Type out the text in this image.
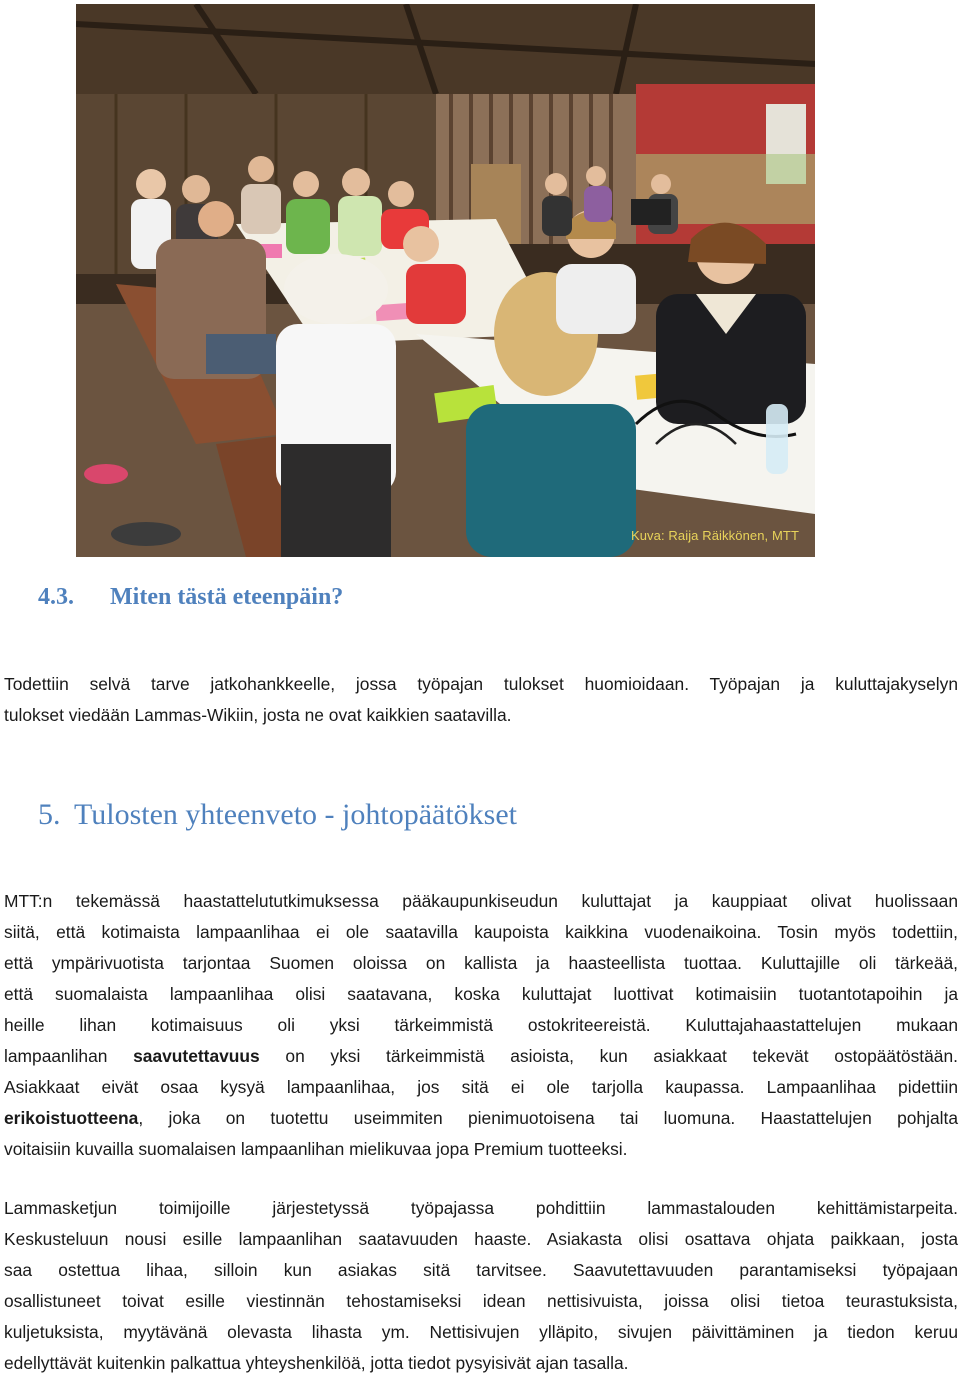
Kuva: Raija Räikkönen, MTT
4.3. Miten tästä eteenpäin?
Todettiin selvä tarve jatkohankkeelle, jossa työpajan tulokset huomioidaan. Työpajan ja kuluttajakyselyn
tulokset viedään Lammas-Wikiin, josta ne ovat kaikkien saatavilla.
5. Tulosten yhteenveto - johtopäätökset
MTT:n tekemässä haastattelututkimuksessa pääkaupunkiseudun kuluttajat ja kauppiaat olivat huolissaan
siitä, että kotimaista lampaanlihaa ei ole saatavilla kaupoista kaikkina vuodenaikoina. Tosin myös todettiin,
että ympärivuotista tarjontaa Suomen oloissa on kallista ja haasteellista tuottaa. Kuluttajille oli tärkeää,
että suomalaista lampaanlihaa olisi saatavana, koska kuluttajat luottivat kotimaisiin tuotantotapoihin ja
heille lihan kotimaisuus oli yksi tärkeimmistä ostokriteereistä. Kuluttajahaastattelujen mukaan
lampaanlihan saavutettavuus on yksi tärkeimmistä asioista, kun asiakkaat tekevät ostopäätöstään.
Asiakkaat eivät osaa kysyä lampaanlihaa, jos sitä ei ole tarjolla kaupassa. Lampaanlihaa pidettiin
erikoistuotteena, joka on tuotettu useimmiten pienimuotoisena tai luomuna. Haastattelujen pohjalta
voitaisiin kuvailla suomalaisen lampaanlihan mielikuvaa jopa Premium tuotteeksi.
Lammasketjun toimijoille järjestetyssä työpajassa pohdittiin lammastalouden kehittämistarpeita.
Keskusteluun nousi esille lampaanlihan saatavuuden haaste. Asiakasta olisi osattava ohjata paikkaan, josta
saa ostettua lihaa, silloin kun asiakas sitä tarvitsee. Saavutettavuuden parantamiseksi työpajaan
osallistuneet toivat esille viestinnän tehostamiseksi idean nettisivuista, joissa olisi tietoa teurastuksista,
kuljetuksista, myytävänä olevasta lihasta ym. Nettisivujen ylläpito, sivujen päivittäminen ja tiedon keruu
edellyttävät kuitenkin palkattua yhteyshenkilöä, jotta tiedot pysyisivät ajan tasalla.
